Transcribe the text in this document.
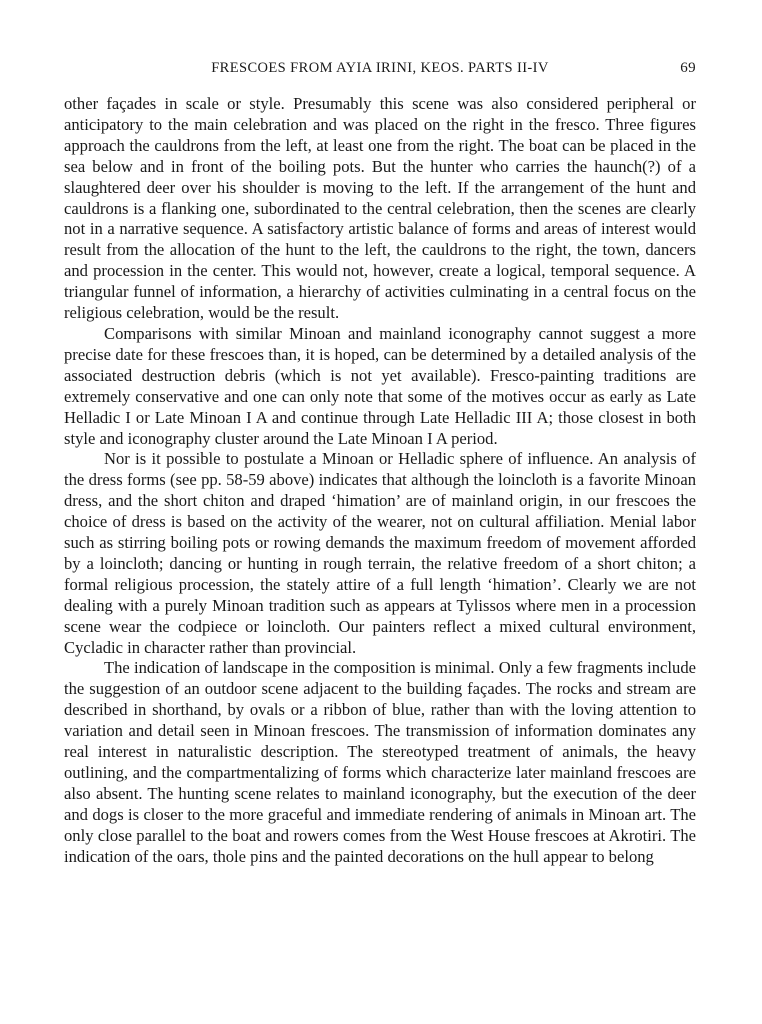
FRESCOES FROM AYIA IRINI, KEOS. PARTS II-IV	69

other façades in scale or style. Presumably this scene was also considered peripheral or anticipatory to the main celebration and was placed on the right in the fresco. Three figures approach the cauldrons from the left, at least one from the right. The boat can be placed in the sea below and in front of the boiling pots. But the hunter who carries the haunch(?) of a slaughtered deer over his shoulder is moving to the left. If the arrangement of the hunt and cauldrons is a flanking one, subordinated to the central celebration, then the scenes are clearly not in a narrative sequence. A satisfactory artistic balance of forms and areas of interest would result from the allocation of the hunt to the left, the cauldrons to the right, the town, dancers and procession in the center. This would not, however, create a logical, temporal sequence. A triangular funnel of information, a hierarchy of activities culminating in a central focus on the religious celebration, would be the result.

Comparisons with similar Minoan and mainland iconography cannot suggest a more precise date for these frescoes than, it is hoped, can be determined by a detailed analysis of the associated destruction debris (which is not yet available). Fresco-painting traditions are extremely conservative and one can only note that some of the motives occur as early as Late Helladic I or Late Minoan I A and continue through Late Helladic III A; those closest in both style and iconography cluster around the Late Minoan I A period.

Nor is it possible to postulate a Minoan or Helladic sphere of influence. An analysis of the dress forms (see pp. 58-59 above) indicates that although the loincloth is a favorite Minoan dress, and the short chiton and draped ‘himation’ are of mainland origin, in our frescoes the choice of dress is based on the activity of the wearer, not on cultural affiliation. Menial labor such as stirring boiling pots or rowing demands the maximum freedom of movement afforded by a loincloth; dancing or hunting in rough terrain, the relative freedom of a short chiton; a formal religious procession, the stately attire of a full length ‘himation’. Clearly we are not dealing with a purely Minoan tradition such as appears at Tylissos where men in a procession scene wear the codpiece or loincloth. Our painters reflect a mixed cultural environment, Cycladic in character rather than provincial.

The indication of landscape in the composition is minimal. Only a few fragments include the suggestion of an outdoor scene adjacent to the building façades. The rocks and stream are described in shorthand, by ovals or a ribbon of blue, rather than with the loving attention to variation and detail seen in Minoan frescoes. The transmission of information dominates any real interest in naturalistic description. The stereotyped treatment of animals, the heavy outlining, and the compartmentalizing of forms which characterize later mainland frescoes are also absent. The hunting scene relates to mainland iconography, but the execution of the deer and dogs is closer to the more graceful and immediate rendering of animals in Minoan art. The only close parallel to the boat and rowers comes from the West House frescoes at Akrotiri. The indication of the oars, thole pins and the painted decorations on the hull appear to belong
